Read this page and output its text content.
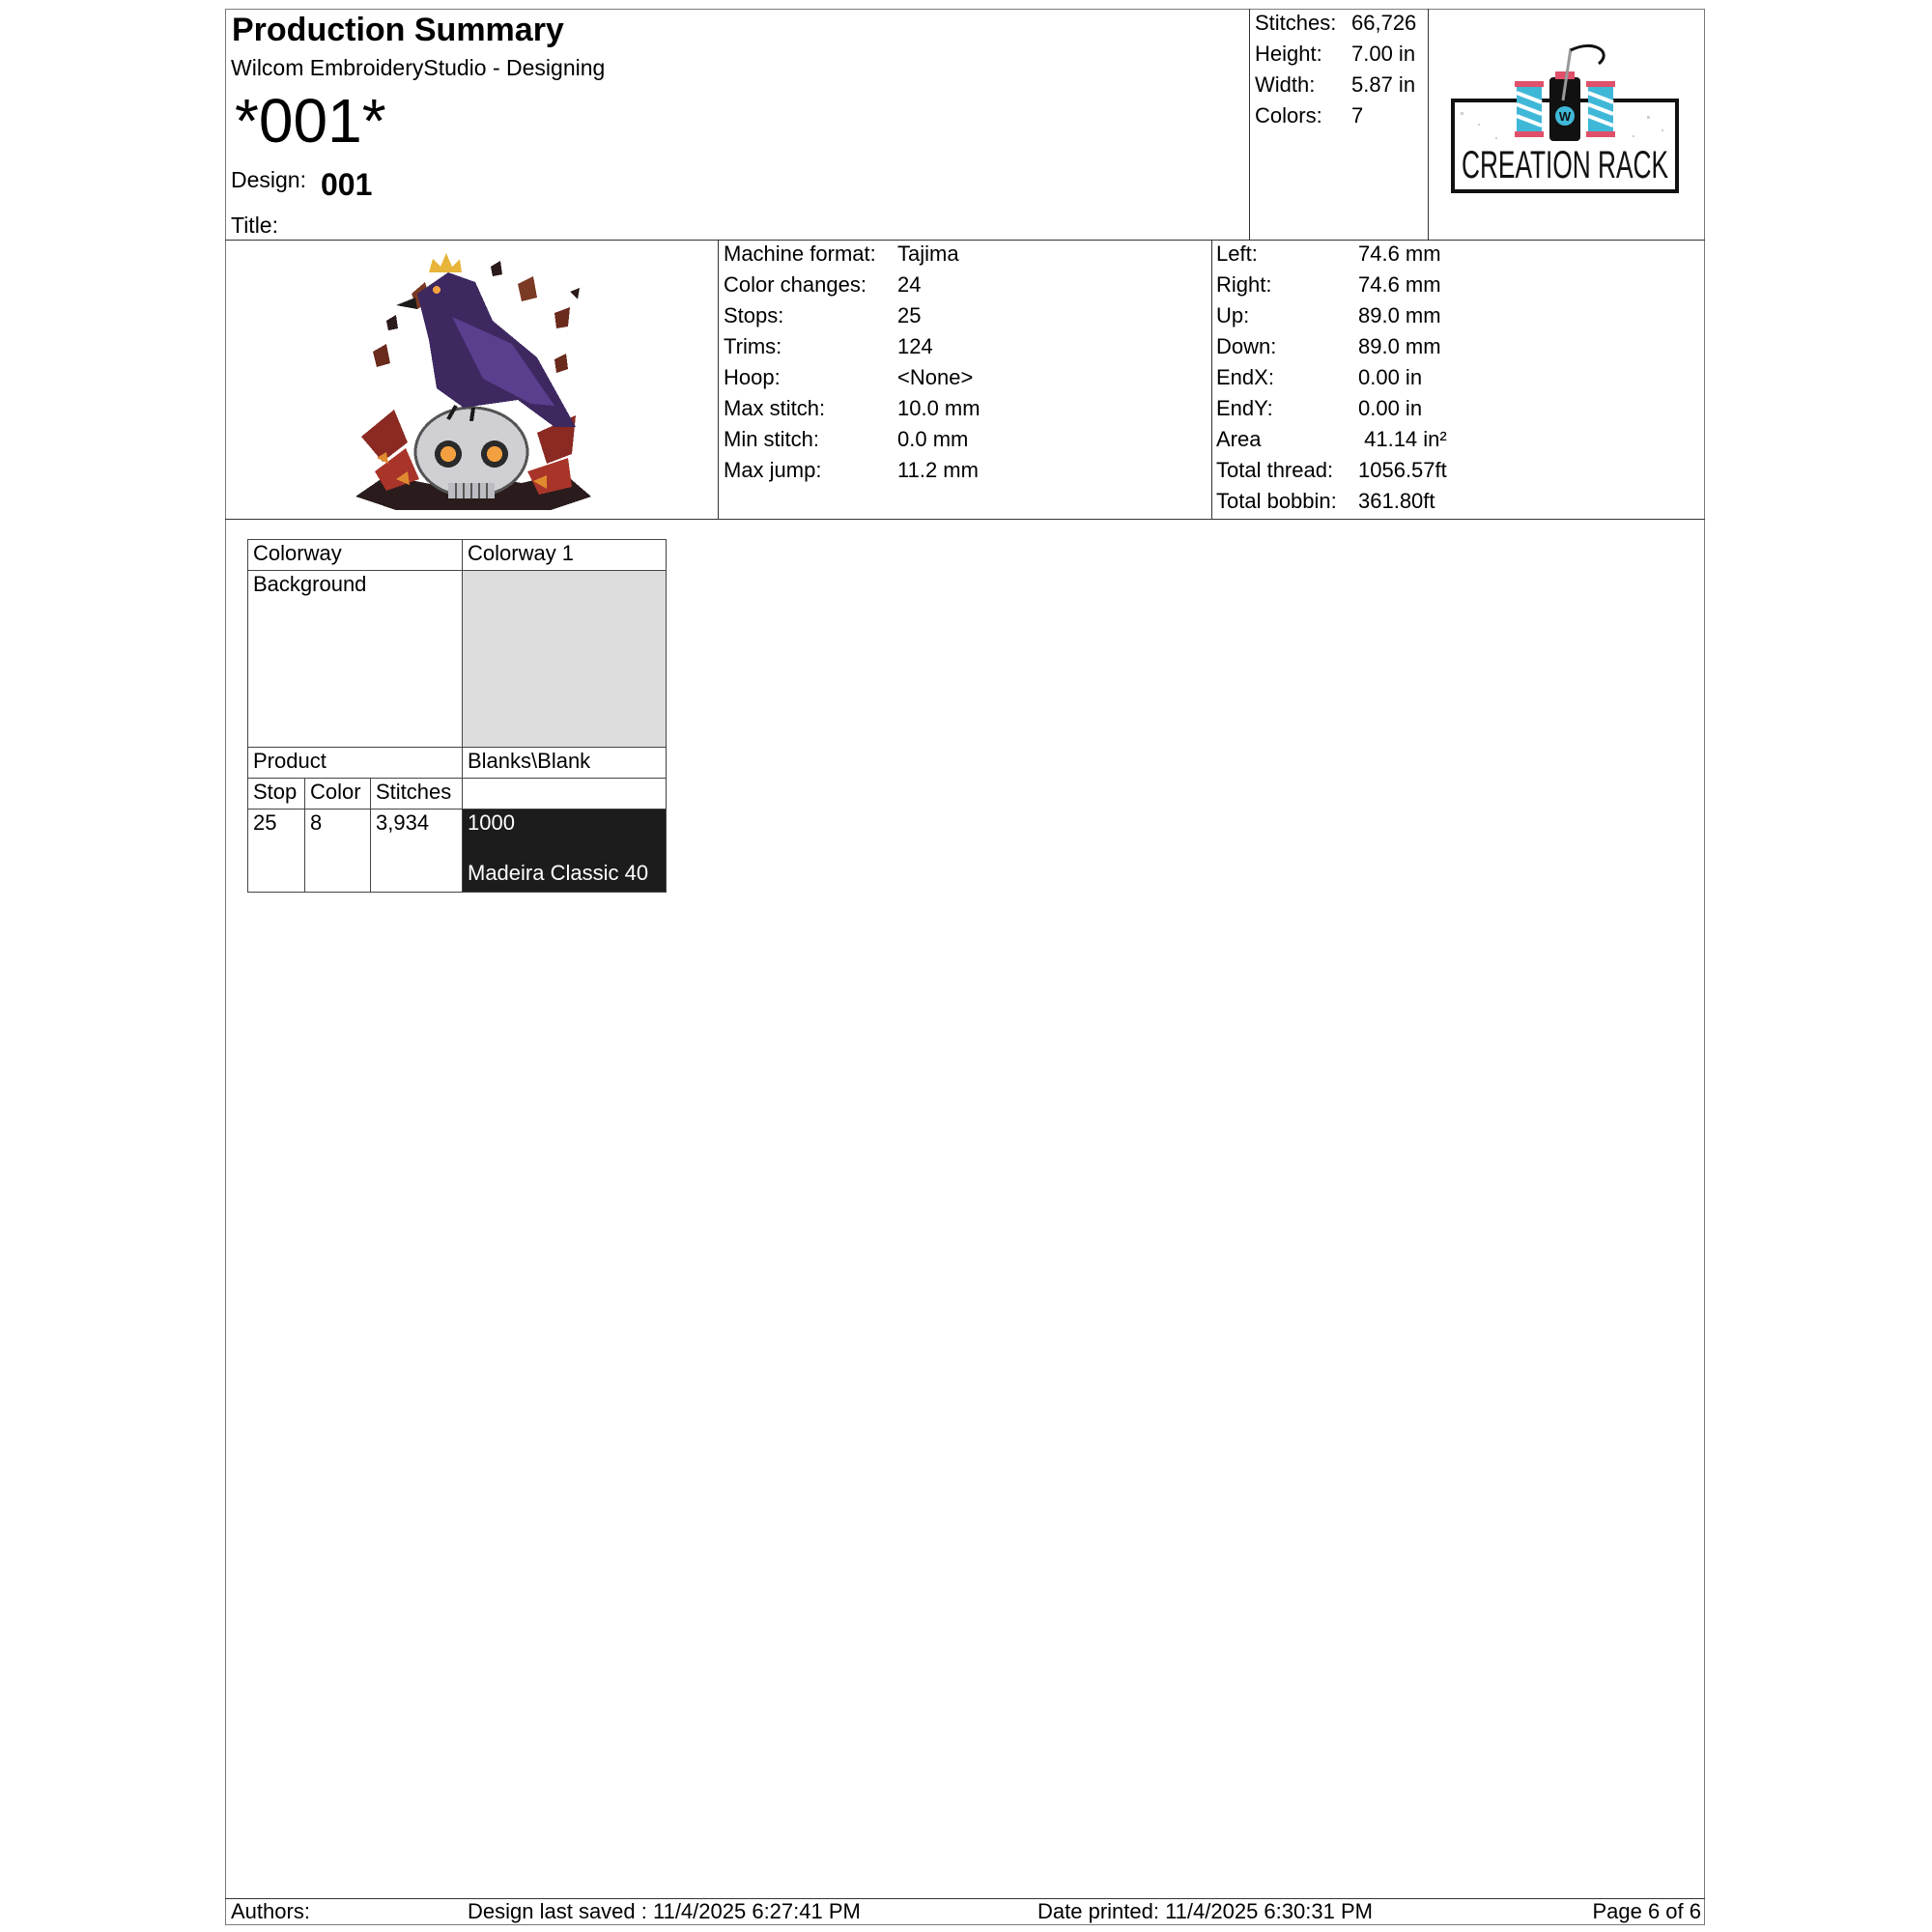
Production Summary
Wilcom EmbroideryStudio - Designing
*001*
Design: 001
Title:
Stitches: 66,726
Height: 7.00 in
Width: 5.87 in
Colors: 7	W
CREATION RACK
Machine format: Tajima
Color changes: 24
Stops:	25
Trims:	124
Hoop:	<None>
Max stitch:	10.0 mm
Min stitch:	0.0 mm
Max jump:	11.2 mm
Left:	74.6 mm
Right:	74.6 mm
Up:	89.0 mm
Down:	89.0 mm
EndX:	0.00 in
EndY:	0.00 in
Area	41.14 in²
Total thread: 1056.57ft
Total bobbin: 361.80ft
Colorway			Colorway 1
Background			
Product			Blanks\Blank
Stop	Color	Stitches	
25	8	3,934	1000
Madeira Classic 40
Authors:	Design last saved : 11/4/2025 6:27:41 PM	Date printed: 11/4/2025 6:30:31 PM	Page 6 of 6
